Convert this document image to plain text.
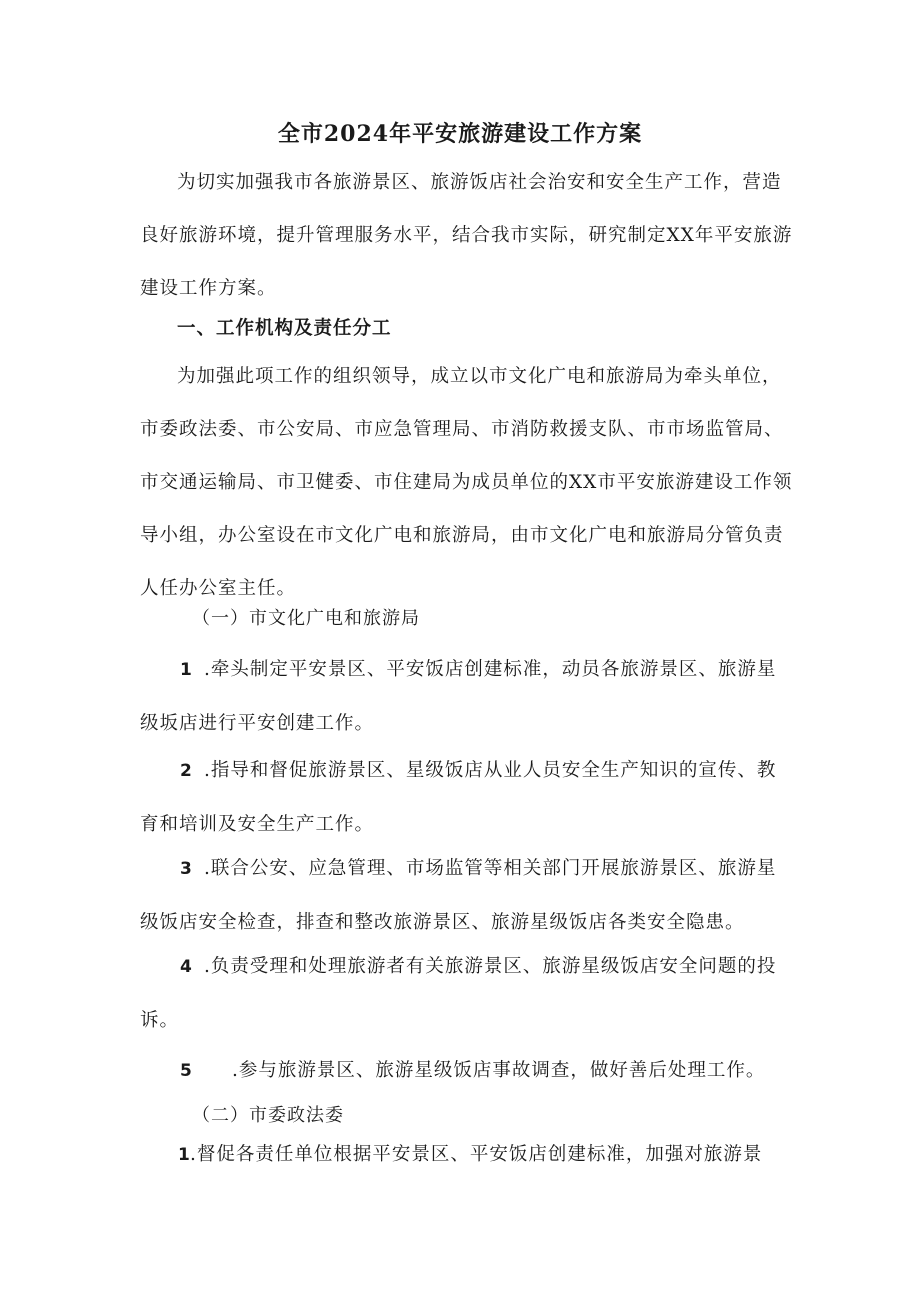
全市2024年平安旅游建设工作方案

为切实加强我市各旅游景区、旅游饭店社会治安和安全生产工作，营造良好旅游环境，提升管理服务水平，结合我市实际，研究制定XX年平安旅游建设工作方案。

一、工作机构及责任分工

为加强此项工作的组织领导，成立以市文化广电和旅游局为牵头单位，市委政法委、市公安局、市应急管理局、市消防救援支队、市市场监管局、市交通运输局、市卫健委、市住建局为成员单位的XX市平安旅游建设工作领导小组，办公室设在市文化广电和旅游局，由市文化广电和旅游局分管负责人任办公室主任。

（一）市文化广电和旅游局

1 .牵头制定平安景区、平安饭店创建标准，动员各旅游景区、旅游星级坂店进行平安创建工作。

2 .指导和督促旅游景区、星级饭店从业人员安全生产知识的宣传、教育和培训及安全生产工作。

3 .联合公安、应急管理、市场监管等相关部门开展旅游景区、旅游星级饭店安全检查，排查和整改旅游景区、旅游星级饭店各类安全隐患。

4 .负责受理和处理旅游者有关旅游景区、旅游星级饭店安全问题的投诉。

5 .参与旅游景区、旅游星级饭店事故调查，做好善后处理工作。

（二）市委政法委

1.督促各责任单位根据平安景区、平安饭店创建标准，加强对旅游景
